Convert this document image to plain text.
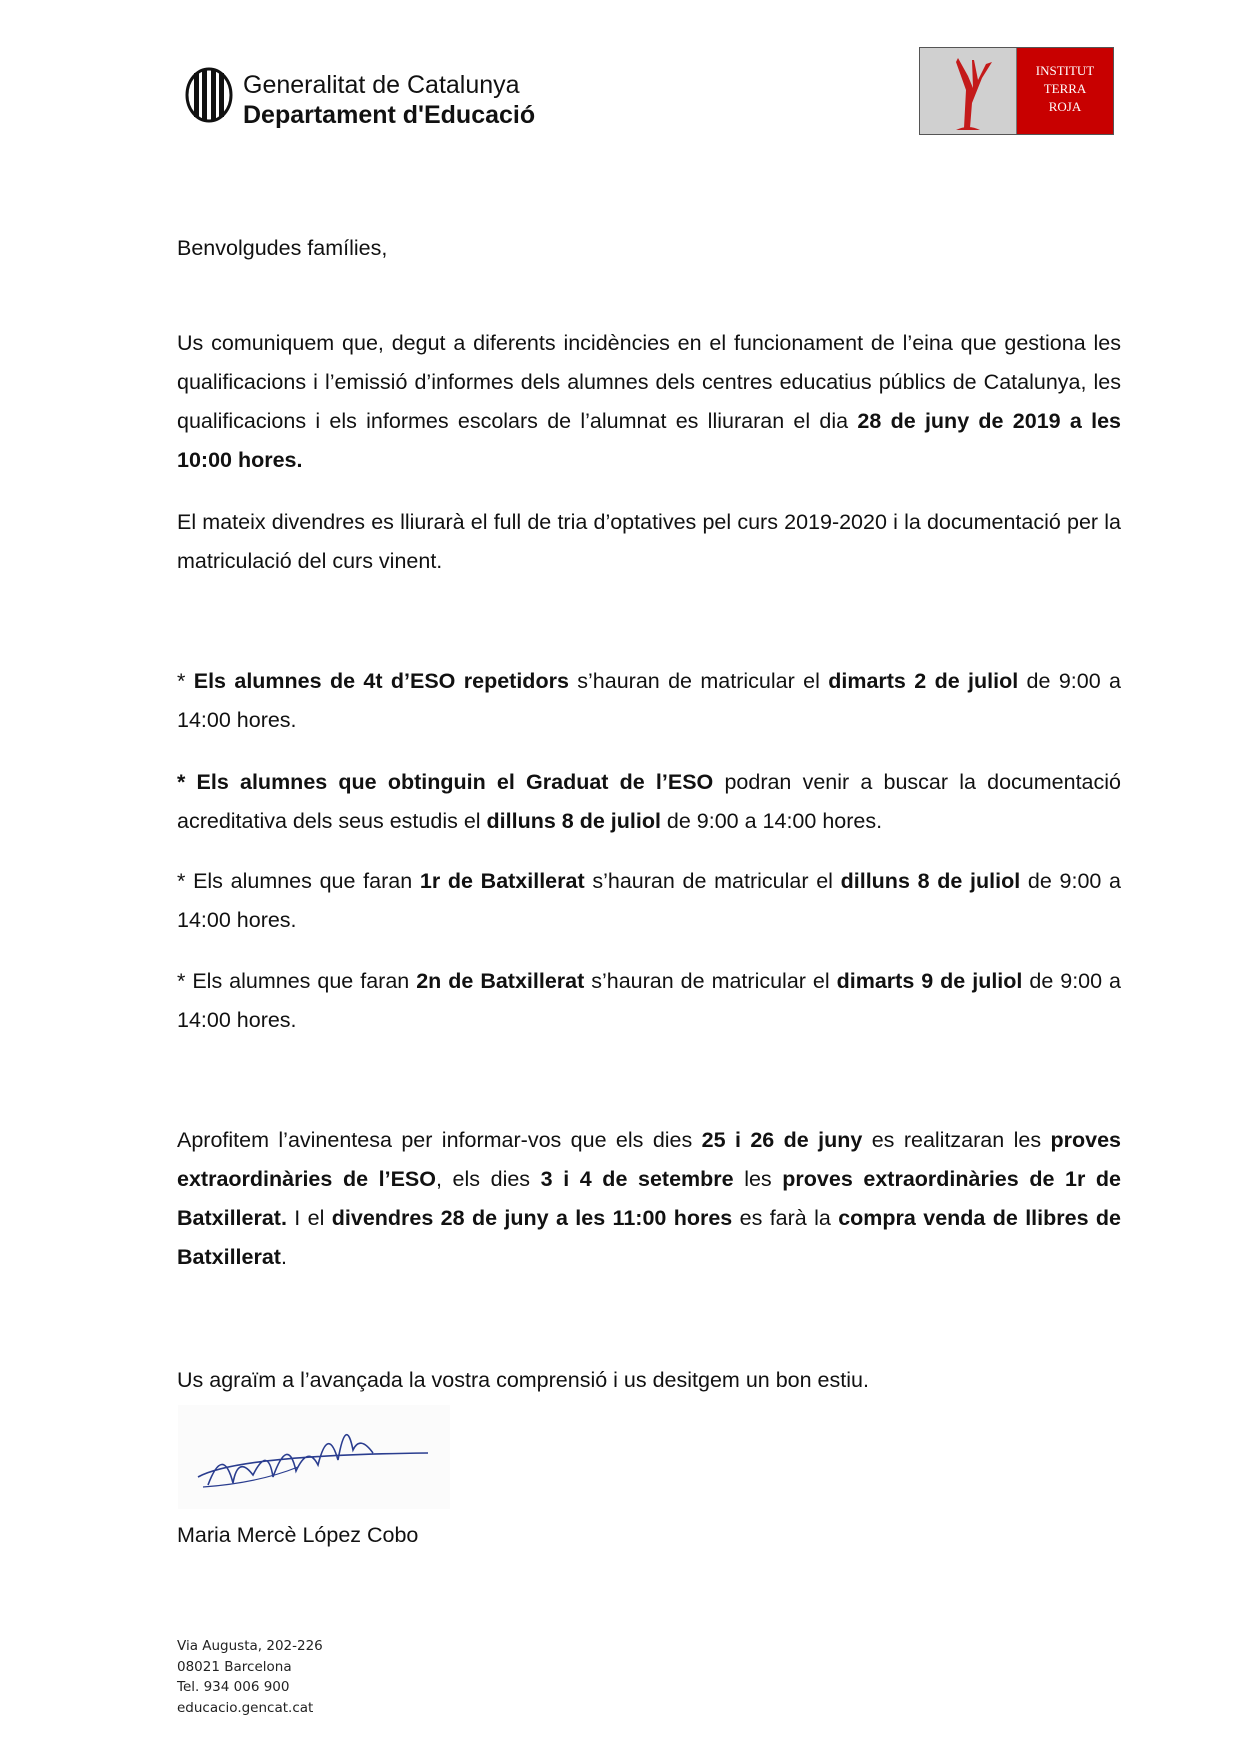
Generalitat de Catalunya
Departament d'Educació
INSTITUT
TERRA
ROJA
Benvolgudes famílies,
Us comuniquem que, degut a diferents incidències en el funcionament de l’eina que gestiona les qualificacions i l’emissió d’informes dels alumnes dels centres educatius públics de Catalunya, les qualificacions i els informes escolars de l’alumnat es lliuraran el dia 28 de juny de 2019 a les 10:00 hores.
El mateix divendres es lliurarà el full de tria d’optatives pel curs 2019-2020 i la documentació per la matriculació del curs vinent.
* Els alumnes de 4t d’ESO repetidors s’hauran de matricular el dimarts 2 de juliol de 9:00 a 14:00 hores.
* Els alumnes que obtinguin el Graduat de l’ESO podran venir a buscar la documentació acreditativa dels seus estudis el dilluns 8 de juliol de 9:00 a 14:00 hores.
* Els alumnes que faran 1r de Batxillerat s’hauran de matricular el dilluns 8 de juliol de 9:00 a 14:00 hores.
* Els alumnes que faran 2n de Batxillerat s’hauran de matricular el dimarts 9 de juliol de 9:00 a 14:00 hores.
Aprofitem l’avinentesa per informar-vos que els dies 25 i 26 de juny es realitzaran les proves extraordinàries de l’ESO, els dies 3 i 4 de setembre les proves extraordinàries de 1r de Batxillerat. I el divendres 28 de juny a les 11:00 hores es farà la compra venda de llibres de Batxillerat.
Us agraïm a l’avançada la vostra comprensió i us desitgem un bon estiu.
Maria Mercè López Cobo
Via Augusta, 202-226
08021 Barcelona
Tel. 934 006 900
educacio.gencat.cat
